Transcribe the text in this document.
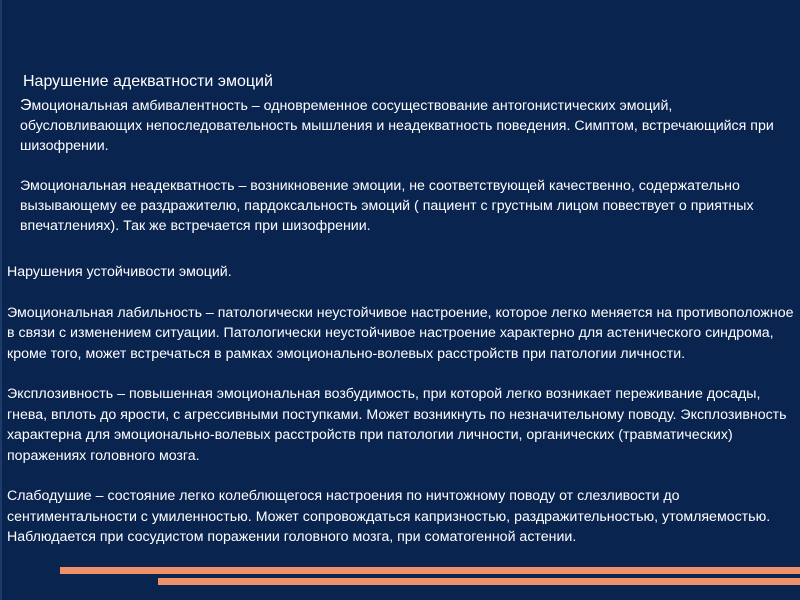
Нарушение адекватности эмоций

Эмоциональная амбивалентность – одновременное сосуществование антогонистических эмоций, обусловливающих непоследовательность мышления и неадекватность поведения. Симптом, встречающийся при шизофрении.

Эмоциональная неадекватность – возникновение эмоции, не соответствующей качественно, содержательно вызывающему ее раздражителю, пардоксальность эмоций ( пациент с грустным лицом повествует о приятных впечатлениях). Так же встречается при шизофрении.

Нарушения устойчивости эмоций.

Эмоциональная лабильность – патологически неустойчивое настроение, которое легко меняется на противоположное в связи с изменением ситуации. Патологически неустойчивое настроение характерно для астенического синдрома, кроме того, может встречаться в рамках эмоционально-волевых расстройств при патологии личности.

Эксплозивность – повышенная эмоциональная возбудимость, при которой легко возникает переживание досады, гнева, вплоть до ярости, с агрессивными поступками. Может возникнуть по незначительному поводу. Эксплозивность характерна для эмоционально-волевых расстройств при патологии личности, органических (травматических) поражениях головного мозга.

Слабодушие – состояние легко колеблющегося настроения по ничтожному поводу от слезливости до сентиментальности с умиленностью. Может сопровождаться капризностью, раздражительностью, утомляемостью. Наблюдается при сосудистом поражении головного мозга, при соматогенной астении.
